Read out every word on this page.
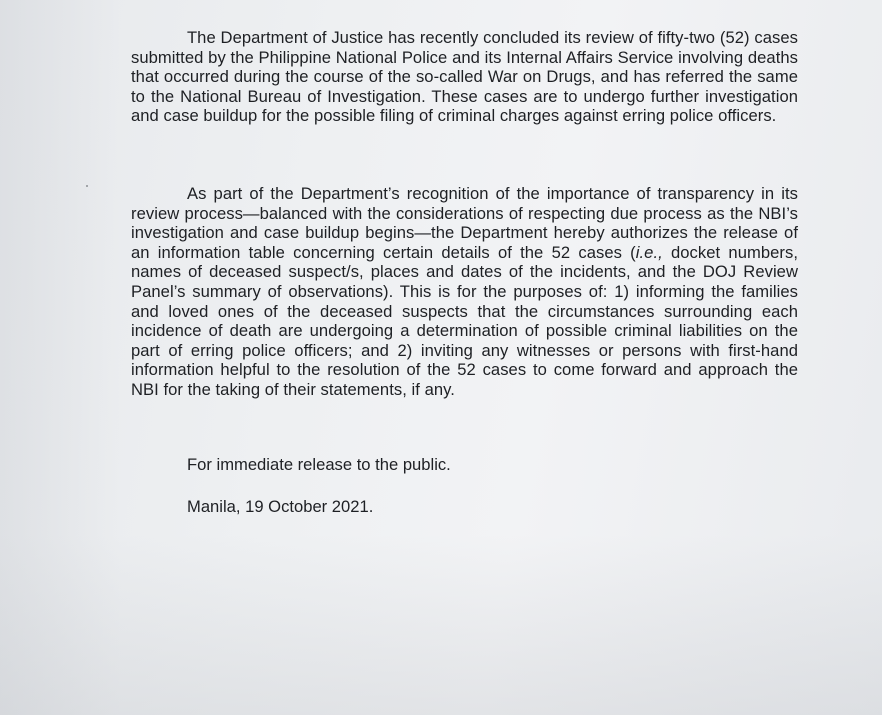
The Department of Justice has recently concluded its review of fifty-two (52) cases submitted by the Philippine National Police and its Internal Affairs Service involving deaths that occurred during the course of the so-called War on Drugs, and has referred the same to the National Bureau of Investigation. These cases are to undergo further investigation and case buildup for the possible filing of criminal charges against erring police officers.

As part of the Department’s recognition of the importance of transparency in its review process—balanced with the considerations of respecting due process as the NBI’s investigation and case buildup begins—the Department hereby authorizes the release of an information table concerning certain details of the 52 cases (i.e., docket numbers, names of deceased suspect/s, places and dates of the incidents, and the DOJ Review Panel’s summary of observations). This is for the purposes of: 1) informing the families and loved ones of the deceased suspects that the circumstances surrounding each incidence of death are undergoing a determination of possible criminal liabilities on the part of erring police officers; and 2) inviting any witnesses or persons with first-hand information helpful to the resolution of the 52 cases to come forward and approach the NBI for the taking of their statements, if any.

For immediate release to the public.

Manila, 19 October 2021.
